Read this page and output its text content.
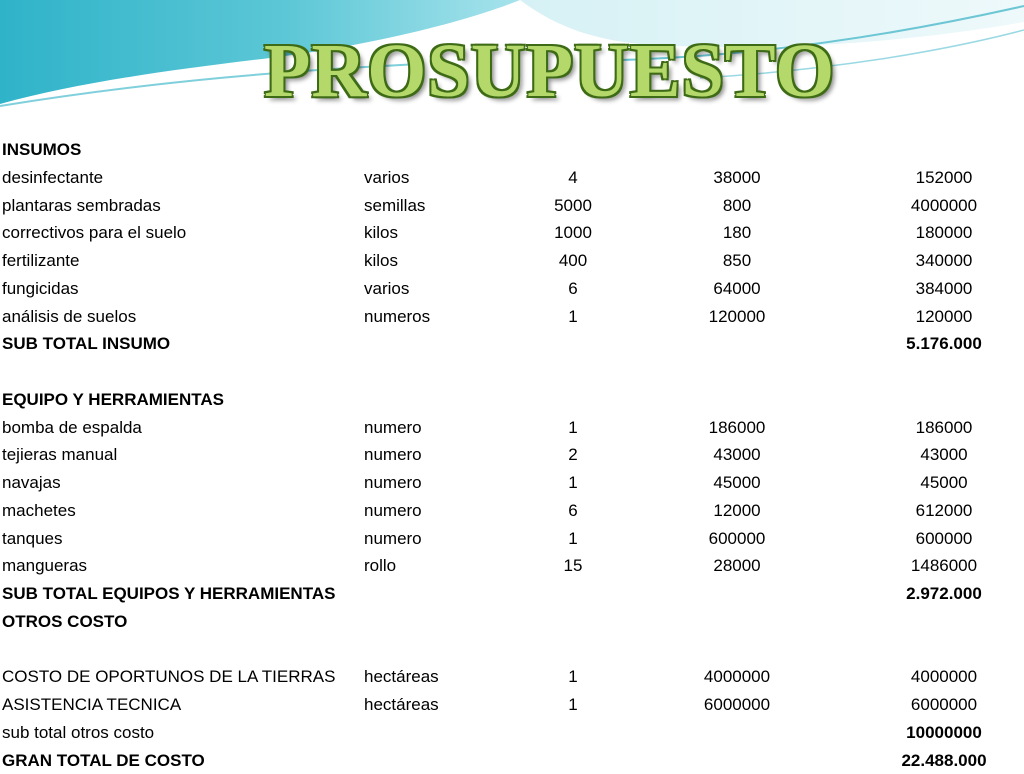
PROSUPUESTO
INSUMOS				
desinfectante	varios	4	38000	152000
plantaras sembradas	semillas	5000	800	4000000
correctivos para el suelo	kilos	1000	180	180000
fertilizante	kilos	400	850	340000
fungicidas	varios	6	64000	384000
análisis de suelos	numeros	1	120000	120000
SUB TOTAL INSUMO				5.176.000

EQUIPO Y HERRAMIENTAS				
bomba de espalda	numero	1	186000	186000
tejieras manual	numero	2	43000	43000
navajas	numero	1	45000	45000
machetes	numero	6	12000	612000
tanques	numero	1	600000	600000
mangueras	rollo	15	28000	1486000
SUB TOTAL EQUIPOS Y HERRAMIENTAS				2.972.000
OTROS COSTO				

COSTO DE OPORTUNOS DE LA TIERRAS	hectáreas	1	4000000	4000000
ASISTENCIA TECNICA	hectáreas	1	6000000	6000000
sub total otros costo				10000000
GRAN TOTAL DE COSTO				22.488.000
